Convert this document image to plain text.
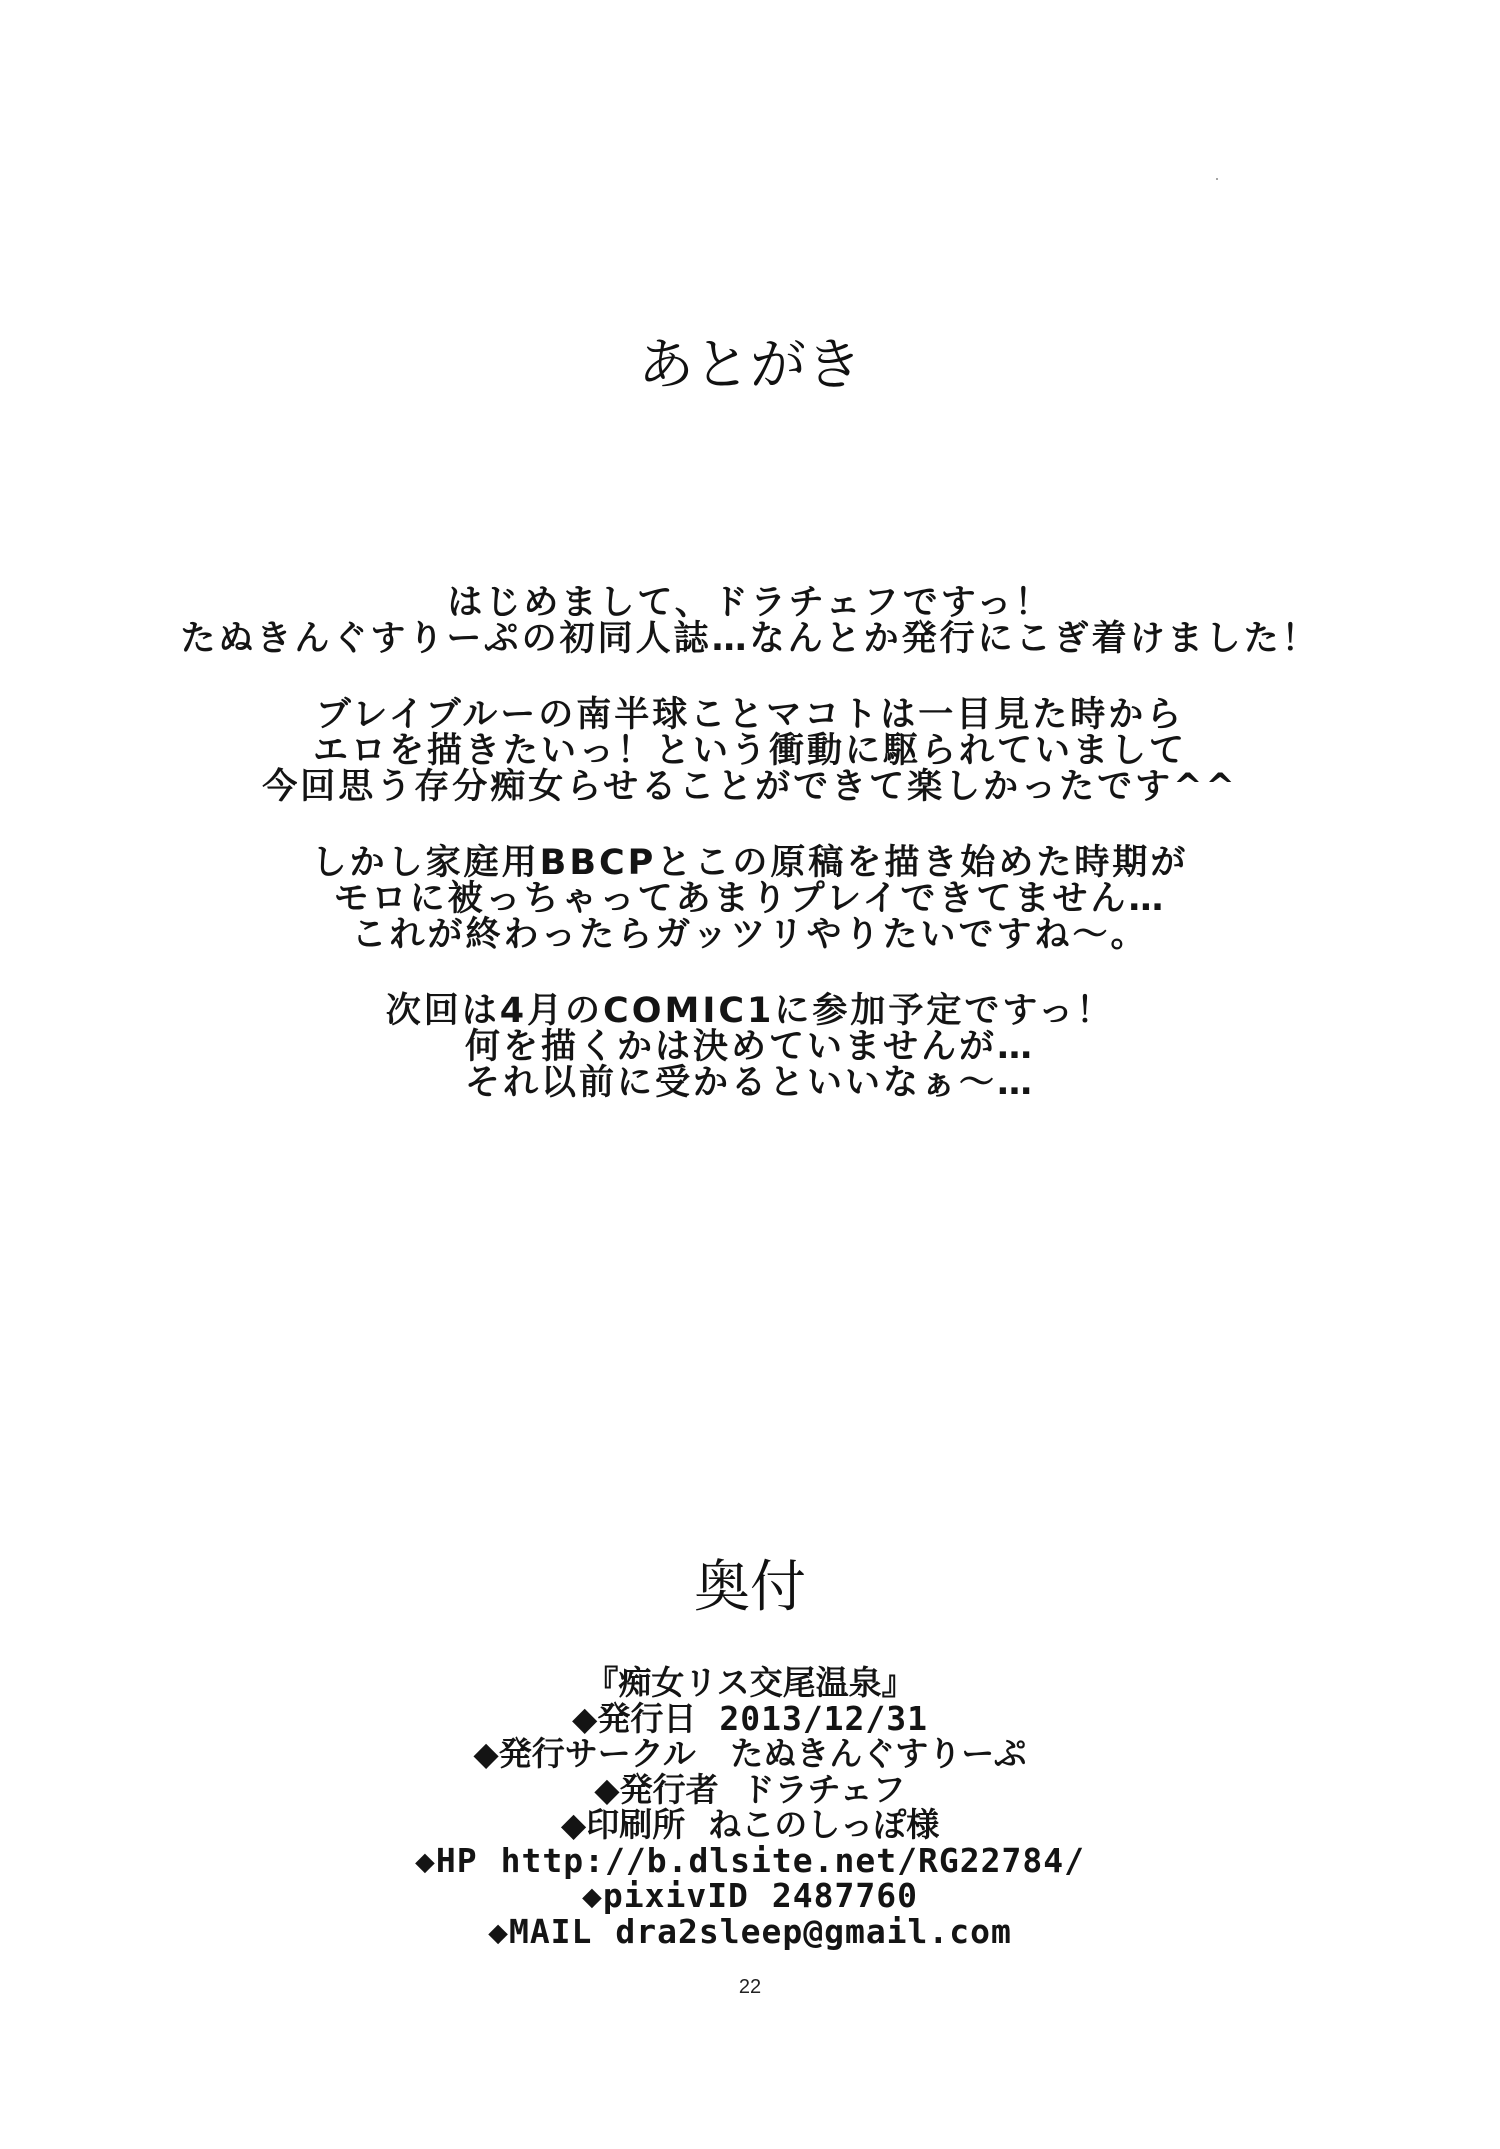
あとがき

はじめまして、ドラチェフですっ！
たぬきんぐすりーぷの初同人誌…なんとか発行にこぎ着けました！

ブレイブルーの南半球ことマコトは一目見た時から
エロを描きたいっ！という衝動に駆られていまして
今回思う存分痴女らせることができて楽しかったです^^

しかし家庭用BBCPとこの原稿を描き始めた時期が
モロに被っちゃってあまりプレイできてません…
これが終わったらガッツリやりたいですね～。

次回は4月のCOMIC1に参加予定ですっ！
何を描くかは決めていませんが…
それ以前に受かるといいなぁ～…

奥付
『痴女リス交尾温泉』
◆発行日 2013/12/31
◆発行サークル たぬきんぐすりーぷ
◆発行者 ドラチェフ
◆印刷所 ねこのしっぽ様
◆HP http://b.dlsite.net/RG22784/
◆pixivID 2487760
◆MAIL dra2sleep@gmail.com
22
